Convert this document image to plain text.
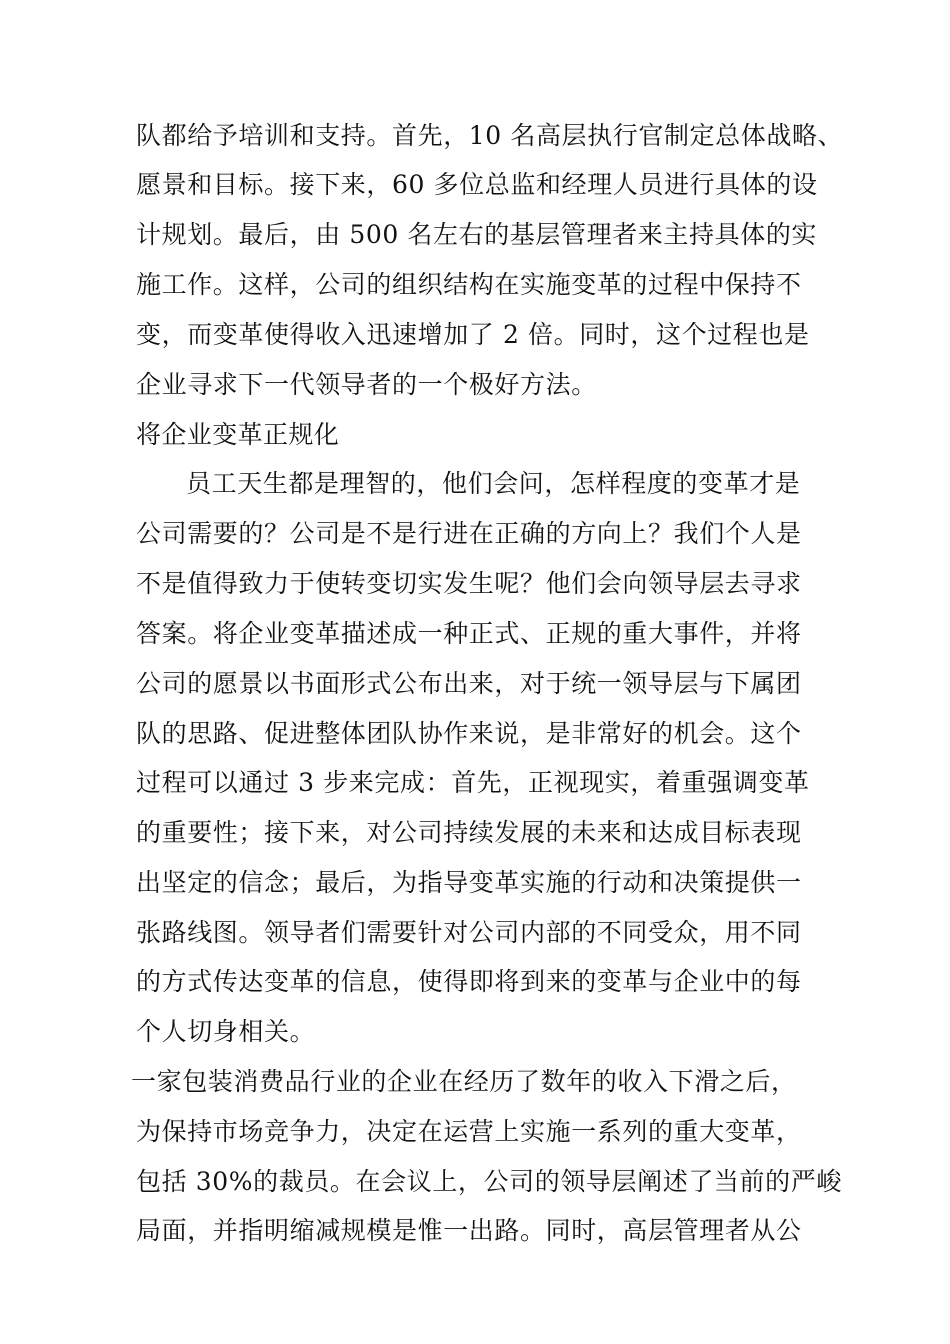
队都给予培训和支持。首先，10 名高层执行官制定总体战略、
愿景和目标。接下来，60 多位总监和经理人员进行具体的设
计规划。最后，由 500 名左右的基层管理者来主持具体的实
施工作。这样，公司的组织结构在实施变革的过程中保持不
变，而变革使得收入迅速增加了 2 倍。同时，这个过程也是
企业寻求下一代领导者的一个极好方法。
将企业变革正规化
员工天生都是理智的，他们会问，怎样程度的变革才是
公司需要的？公司是不是行进在正确的方向上？我们个人是
不是值得致力于使转变切实发生呢？他们会向领导层去寻求
答案。将企业变革描述成一种正式、正规的重大事件，并将
公司的愿景以书面形式公布出来，对于统一领导层与下属团
队的思路、促进整体团队协作来说，是非常好的机会。这个
过程可以通过 3 步来完成：首先，正视现实，着重强调变革
的重要性；接下来，对公司持续发展的未来和达成目标表现
出坚定的信念；最后，为指导变革实施的行动和决策提供一
张路线图。领导者们需要针对公司内部的不同受众，用不同
的方式传达变革的信息，使得即将到来的变革与企业中的每
个人切身相关。
一家包装消费品行业的企业在经历了数年的收入下滑之后，
为保持市场竞争力，决定在运营上实施一系列的重大变革，
包括 30%的裁员。在会议上，公司的领导层阐述了当前的严峻
局面，并指明缩减规模是惟一出路。同时，高层管理者从公
